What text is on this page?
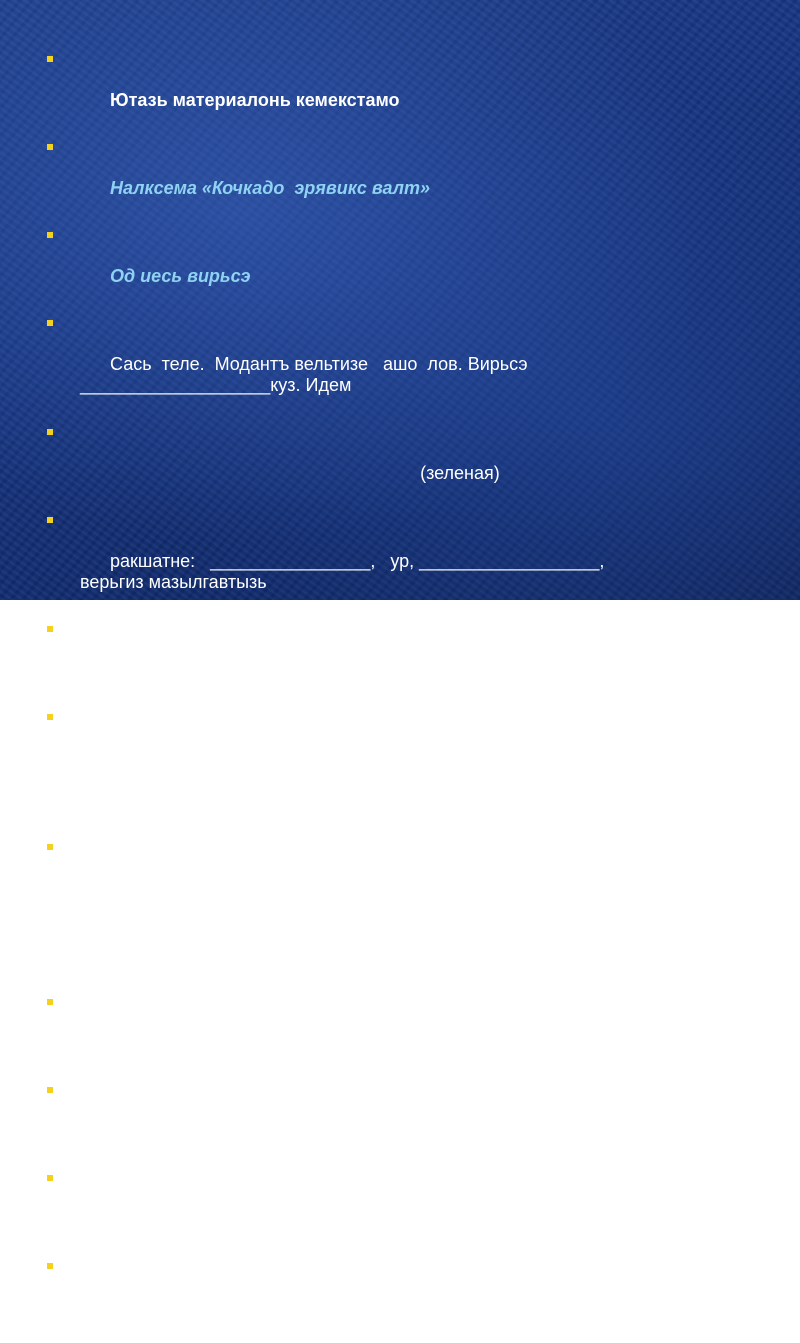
Ютазь материалонь кемекстамо

Налксема «Кочкадо  эрявикс валт»

Од иесь вирьсэ

Сась  теле.  Модантъ вельтизе   ашо  лов. Вирьсэ
___________________куз. Идем

(зеленая)

ракшатне:   ________________,   ур, __________________,
верьгиз мазылгавтызь

(заяц)                                (лиса)

кузонть, ды учить Од иенть. Сась Якшаматя ды Ловняськe.
Верьгизэсь _________ моро.   Урось  кишти  чувто   лангсо.
Ривезесь ____________  __   евкс.        (поёт)

(читает)

Нумолось    ________________ лов лангс шумбрачинь поздоровт.

(пишет)

_________________весенень максы казнеть.

(Дед Мороз)
